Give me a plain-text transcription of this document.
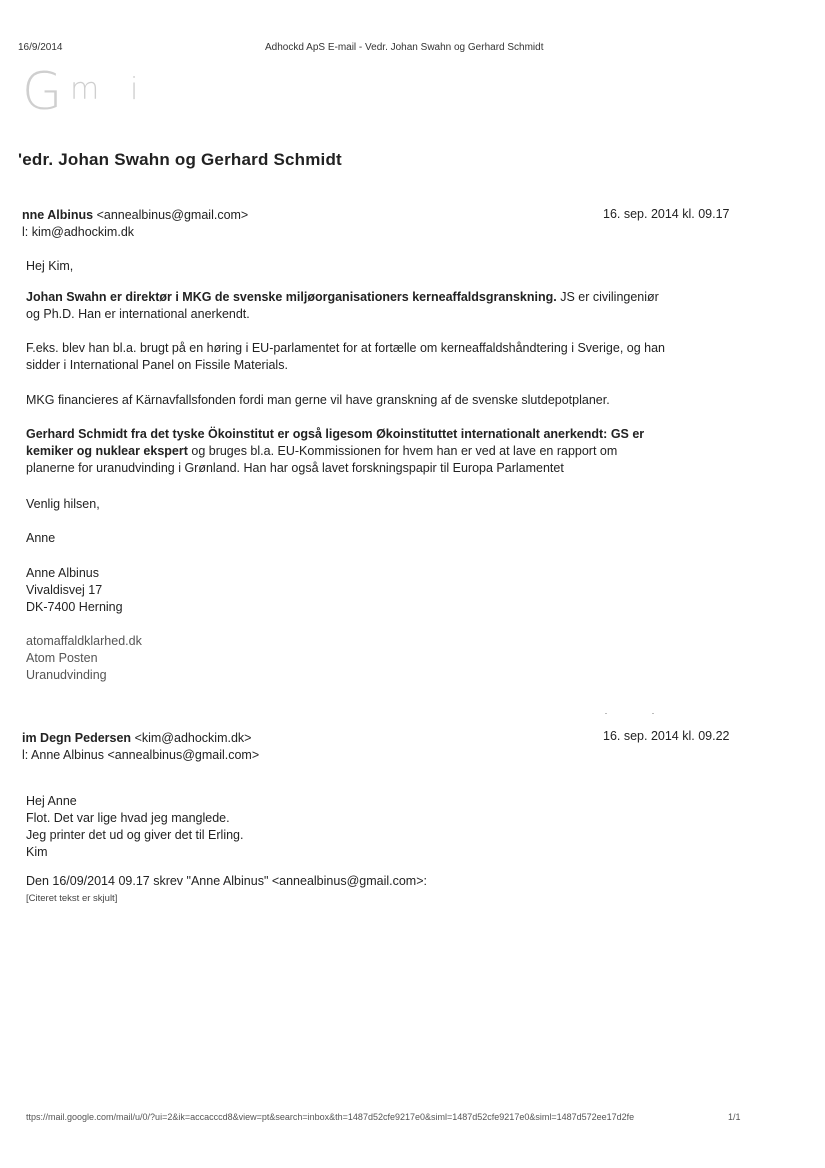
16/9/2014	Adhockd ApS E-mail - Vedr. Johan Swahn og Gerhard Schmidt
G m i
'edr. Johan Swahn og Gerhard Schmidt
nne Albinus <annealbinus@gmail.com>	16. sep. 2014 kl. 09.17
l: kim@adhockim.dk
Hej Kim,
Johan Swahn er direktør i MKG de svenske miljøorganisationers kerneaffaldsgranskning. JS er civilingeniør
og Ph.D. Han er international anerkendt.
F.eks. blev han bl.a. brugt på en høring i EU-parlamentet for at fortælle om kerneaffaldshåndtering i Sverige, og han
sidder i International Panel on Fissile Materials.
MKG financieres af Kärnavfallsfonden fordi man gerne vil have granskning af de svenske slutdepotplaner.
Gerhard Schmidt fra det tyske Ökoinstitut er også ligesom Økoinstituttet internationalt anerkendt: GS er
kemiker og nuklear ekspert og bruges bl.a. EU-Kommissionen for hvem han er ved at lave en rapport om
planerne for uranudvinding i Grønland. Han har også lavet forskningspapir til Europa Parlamentet
Venlig hilsen,
Anne
Anne Albinus
Vivaldisvej 17
DK-7400 Herning
atomaffaldklarhed.dk
Atom Posten
Uranudvinding
im Degn Pedersen <kim@adhockim.dk>	16. sep. 2014 kl. 09.22
l: Anne Albinus <annealbinus@gmail.com>
Hej Anne
Flot. Det var lige hvad jeg manglede.
Jeg printer det ud og giver det til Erling.
Kim
Den 16/09/2014 09.17 skrev "Anne Albinus" <annealbinus@gmail.com>:
[Citeret tekst er skjult]
ttps://mail.google.com/mail/u/0/?ui=2&ik=accacccd8&view=pt&search=inbox&th=1487d52cfe9217e0&siml=1487d52cfe9217e0&siml=1487d572ee17d2fe	1/1
